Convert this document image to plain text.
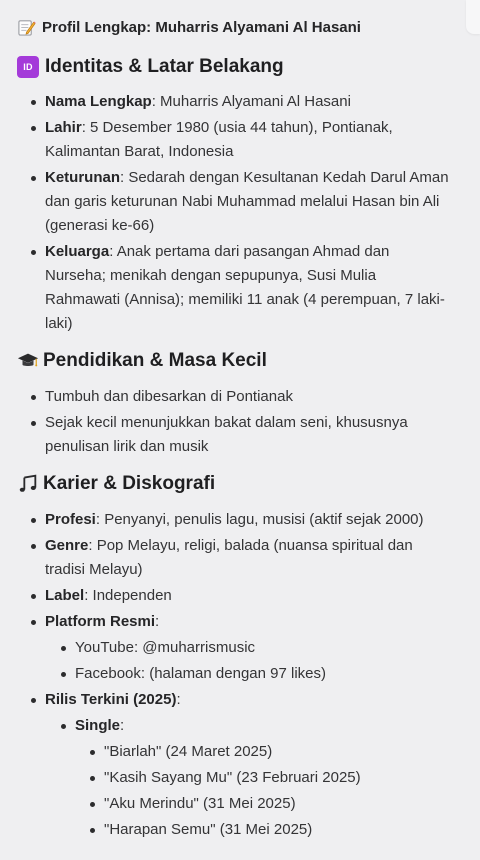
Profil Lengkap: Muharris Alyamani Al Hasani
ID Identitas & Latar Belakang
Nama Lengkap: Muharris Alyamani Al Hasani
Lahir: 5 Desember 1980 (usia 44 tahun), Pontianak, Kalimantan Barat, Indonesia
Keturunan: Sedarah dengan Kesultanan Kedah Darul Aman dan garis keturunan Nabi Muhammad melalui Hasan bin Ali (generasi ke-66)
Keluarga: Anak pertama dari pasangan Ahmad dan Nurseha; menikah dengan sepupunya, Susi Mulia Rahmawati (Annisa); memiliki 11 anak (4 perempuan, 7 laki-laki)
Pendidikan & Masa Kecil
Tumbuh dan dibesarkan di Pontianak
Sejak kecil menunjukkan bakat dalam seni, khususnya penulisan lirik dan musik
Karier & Diskografi
Profesi: Penyanyi, penulis lagu, musisi (aktif sejak 2000)
Genre: Pop Melayu, religi, balada (nuansa spiritual dan tradisi Melayu)
Label: Independen
Platform Resmi:
YouTube: @muharrismusic
Facebook: (halaman dengan 97 likes)
Rilis Terkini (2025):
Single:
"Biarlah" (24 Maret 2025)
"Kasih Sayang Mu" (23 Februari 2025)
"Aku Merindu" (31 Mei 2025)
"Harapan Semu" (31 Mei 2025)
